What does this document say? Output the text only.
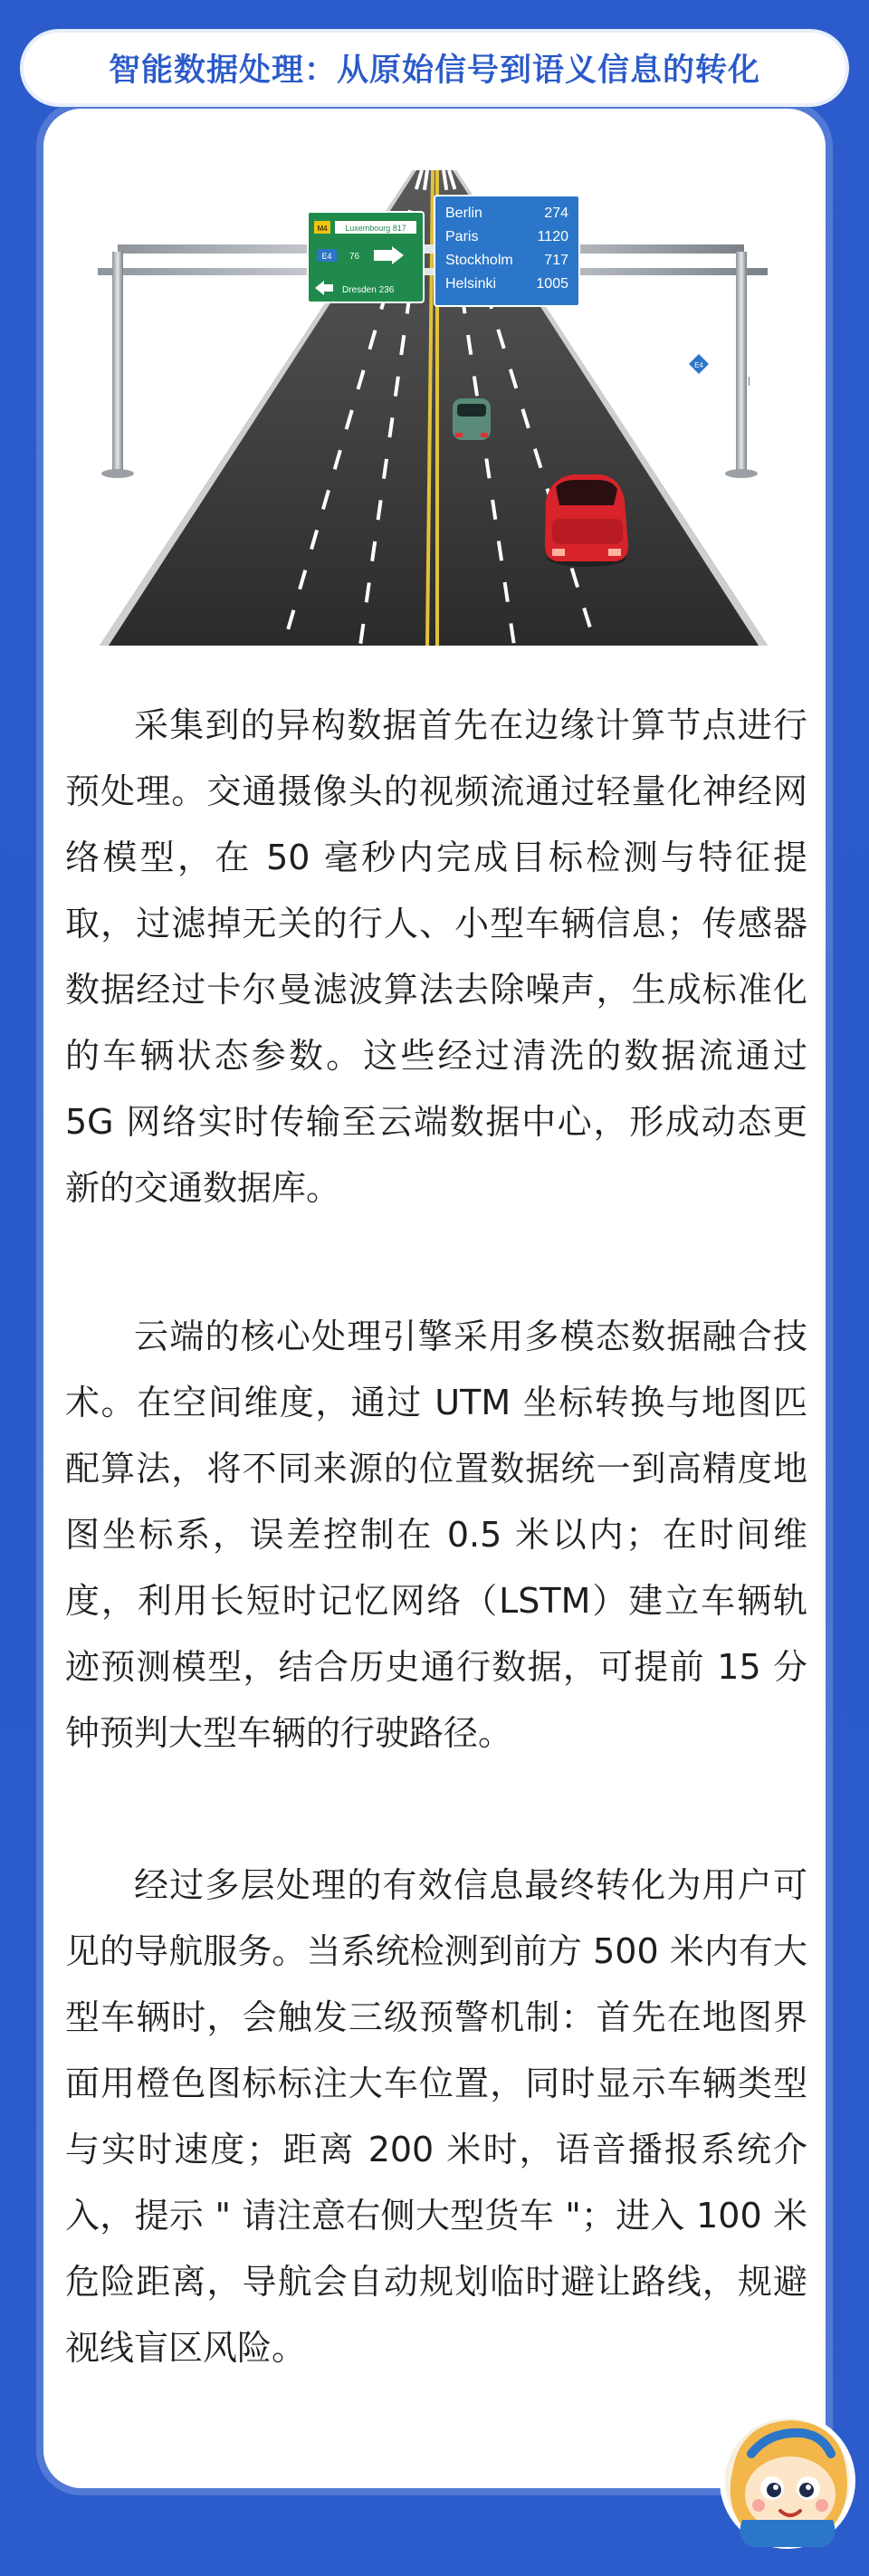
智能数据处理：从原始信号到语义信息的转化
M4 Luxembourg 817
E4 76
Dresden 236
Berlin	274
Paris	1120
Stockholm 717
Helsinki	1005
E4

采集到的异构数据首先在边缘计算节点进行预处理。交通摄像头的视频流通过轻量化神经网络模型，在 50 毫秒内完成目标检测与特征提取，过滤掉无关的行人、小型车辆信息；传感器数据经过卡尔曼滤波算法去除噪声，生成标准化的车辆状态参数。这些经过清洗的数据流通过 5G 网络实时传输至云端数据中心，形成动态更新的交通数据库。

云端的核心处理引擎采用多模态数据融合技术。在空间维度，通过 UTM 坐标转换与地图匹配算法，将不同来源的位置数据统一到高精度地图坐标系，误差控制在 0.5 米以内；在时间维度，利用长短时记忆网络（LSTM）建立车辆轨迹预测模型，结合历史通行数据，可提前 15 分钟预判大型车辆的行驶路径。

经过多层处理的有效信息最终转化为用户可见的导航服务。当系统检测到前方 500 米内有大型车辆时，会触发三级预警机制：首先在地图界面用橙色图标标注大车位置，同时显示车辆类型与实时速度；距离 200 米时，语音播报系统介入，提示 " 请注意右侧大型货车 "；进入 100 米危险距离，导航会自动规划临时避让路线，规避视线盲区风险。
